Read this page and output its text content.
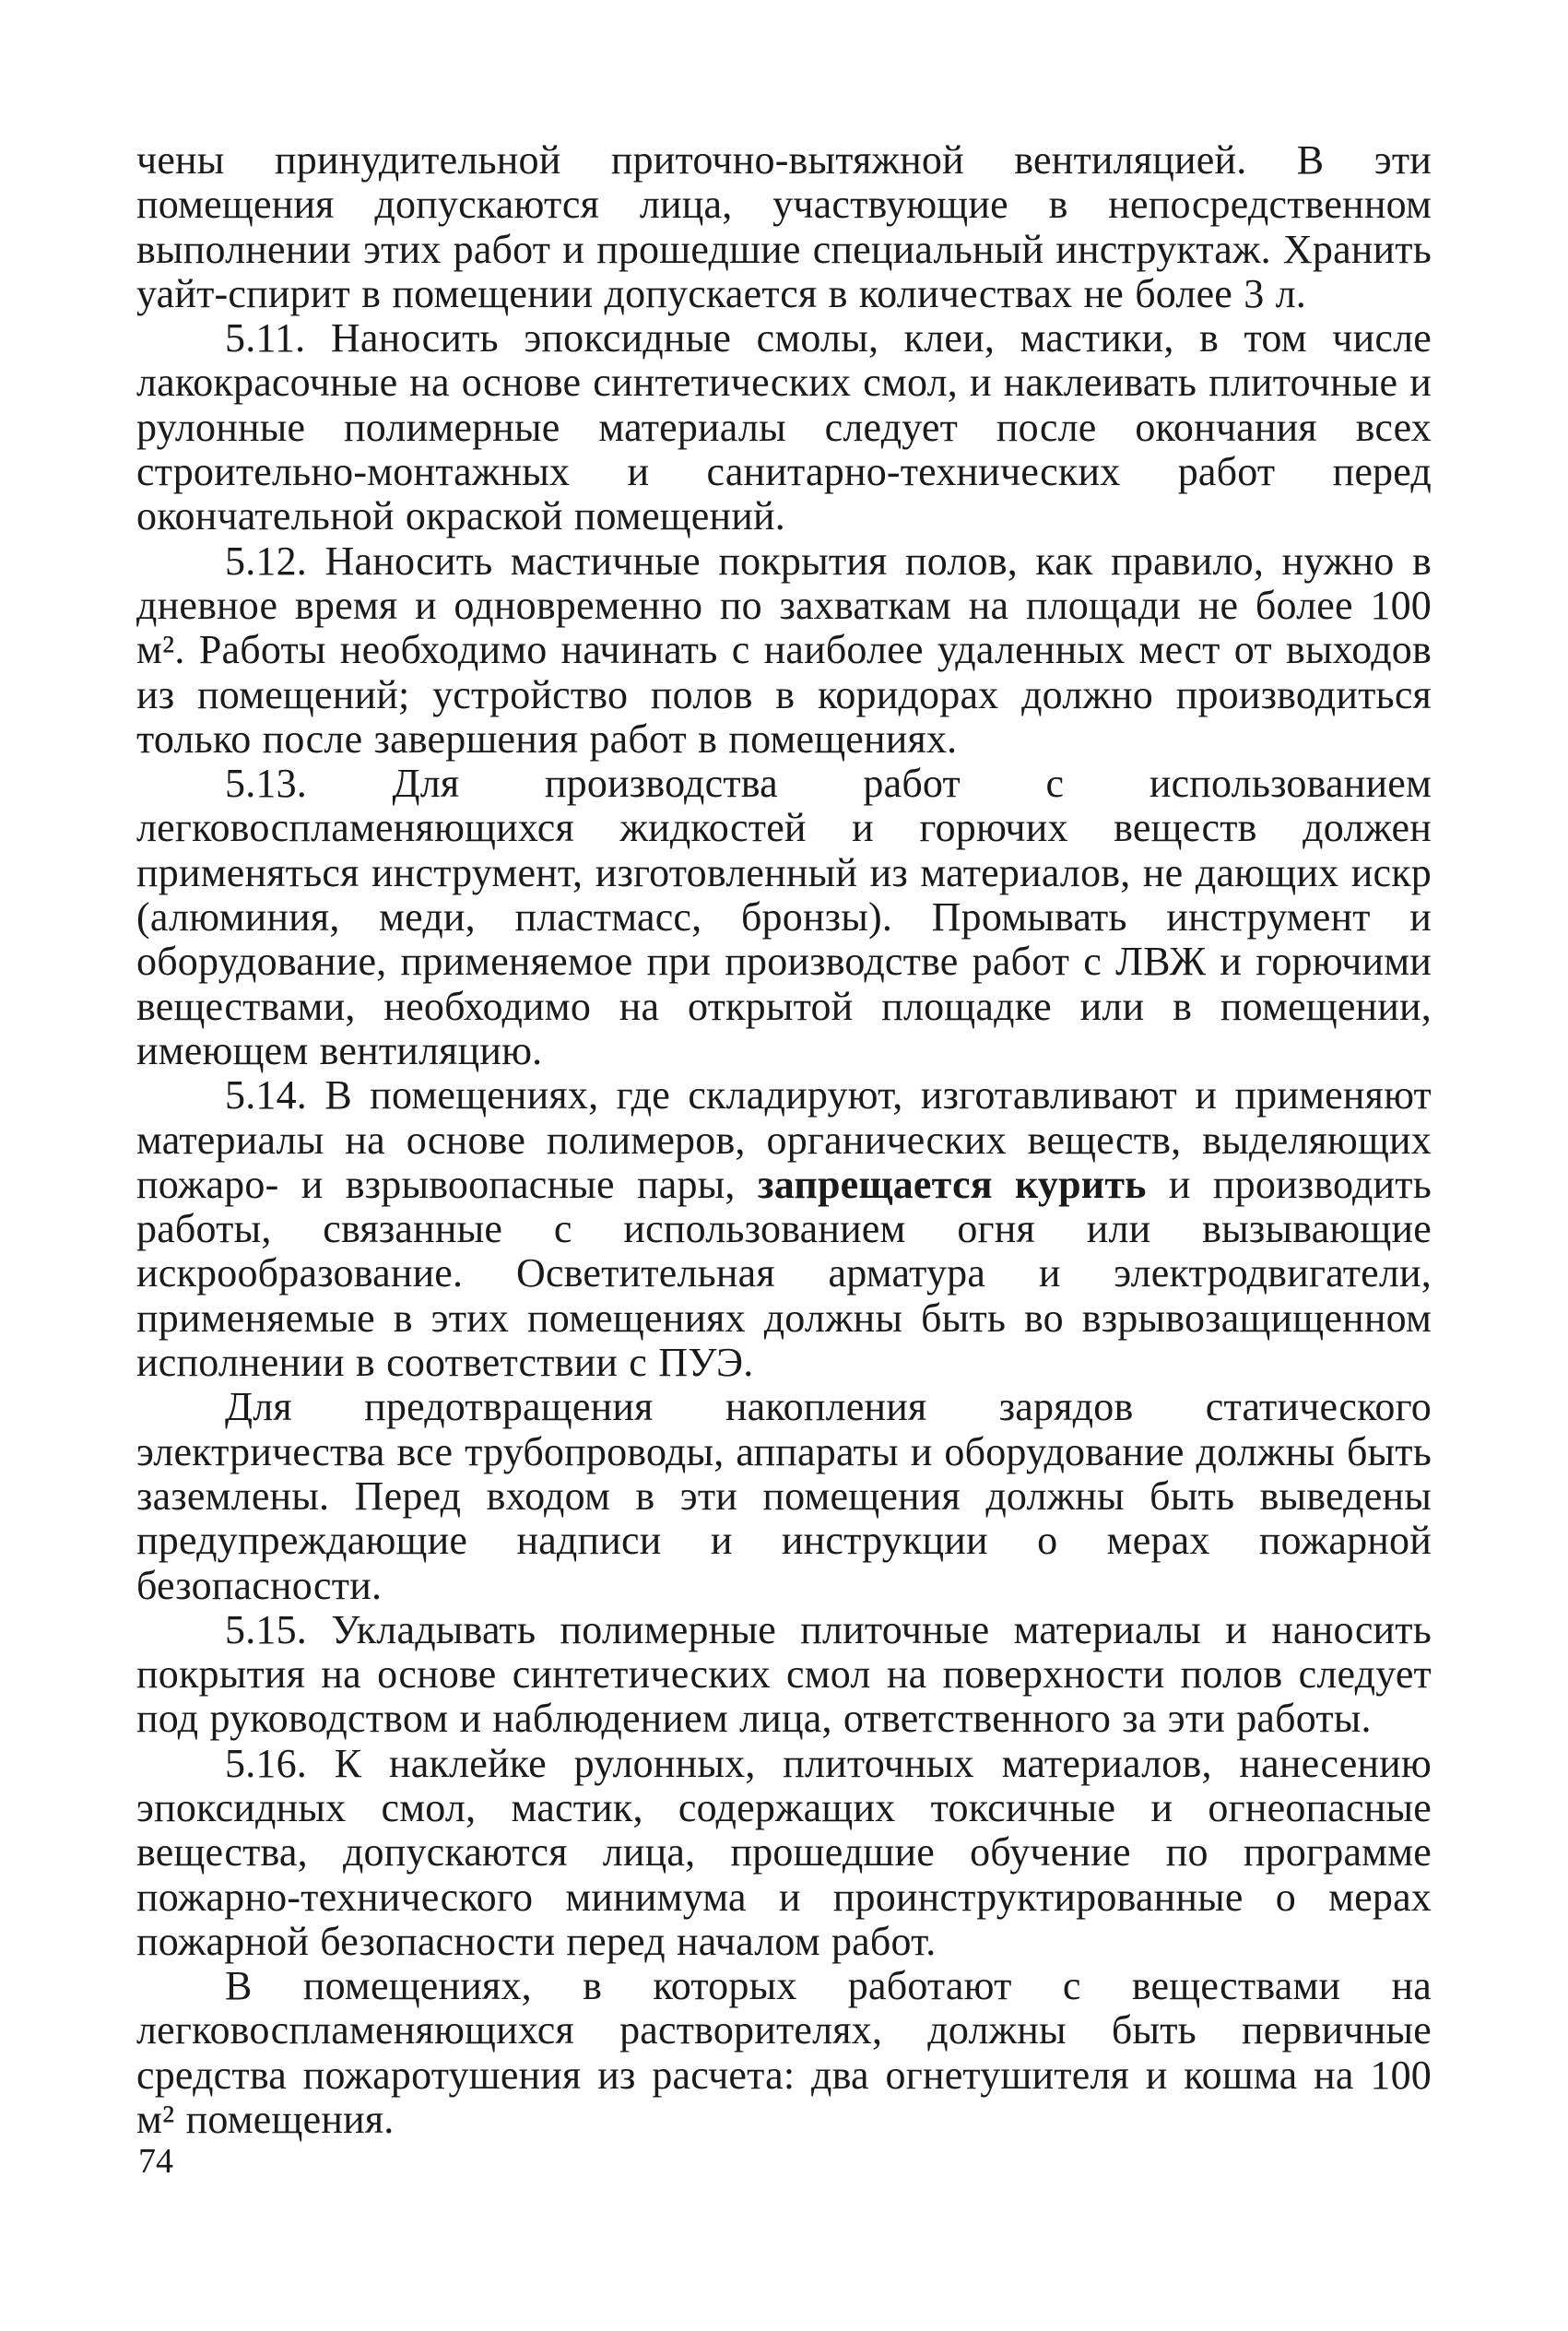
чены принудительной приточно-вытяжной вентиляцией. В эти помещения допускаются лица, участвующие в непосредственном выполнении этих работ и прошедшие специальный инструктаж. Хранить уайт-спирит в помещении допускается в количествах не более 3 л.

5.11. Наносить эпоксидные смолы, клеи, мастики, в том числе лакокрасочные на основе синтетических смол, и наклеивать плиточные и рулонные полимерные материалы следует после окончания всех строительно-монтажных и санитарно-технических работ перед окончательной окраской помещений.

5.12. Наносить мастичные покрытия полов, как правило, нужно в дневное время и одновременно по захваткам на площади не более 100 м². Работы необходимо начинать с наиболее удаленных мест от выходов из помещений; устройство полов в коридорах должно производиться только после завершения работ в помещениях.

5.13. Для производства работ с использованием легковоспламеняющихся жидкостей и горючих веществ должен применяться инструмент, изготовленный из материалов, не дающих искр (алюминия, меди, пластмасс, бронзы). Промывать инструмент и оборудование, применяемое при производстве работ с ЛВЖ и горючими веществами, необходимо на открытой площадке или в помещении, имеющем вентиляцию.

5.14. В помещениях, где складируют, изготавливают и применяют материалы на основе полимеров, органических веществ, выделяющих пожаро- и взрывоопасные пары, запрещается курить и производить работы, связанные с использованием огня или вызывающие искрообразование. Осветительная арматура и электродвигатели, применяемые в этих помещениях должны быть во взрывозащищенном исполнении в соответствии с ПУЭ.

Для предотвращения накопления зарядов статического электричества все трубопроводы, аппараты и оборудование должны быть заземлены. Перед входом в эти помещения должны быть выведены предупреждающие надписи и инструкции о мерах пожарной безопасности.

5.15. Укладывать полимерные плиточные материалы и наносить покрытия на основе синтетических смол на поверхности полов следует под руководством и наблюдением лица, ответственного за эти работы.

5.16. К наклейке рулонных, плиточных материалов, нанесению эпоксидных смол, мастик, содержащих токсичные и огнеопасные вещества, допускаются лица, прошедшие обучение по программе пожарно-технического минимума и проинструктированные о мерах пожарной безопасности перед началом работ.

В помещениях, в которых работают с веществами на легковоспламеняющихся растворителях, должны быть первичные средства пожаротушения из расчета: два огнетушителя и кошма на 100 м² помещения.

74
